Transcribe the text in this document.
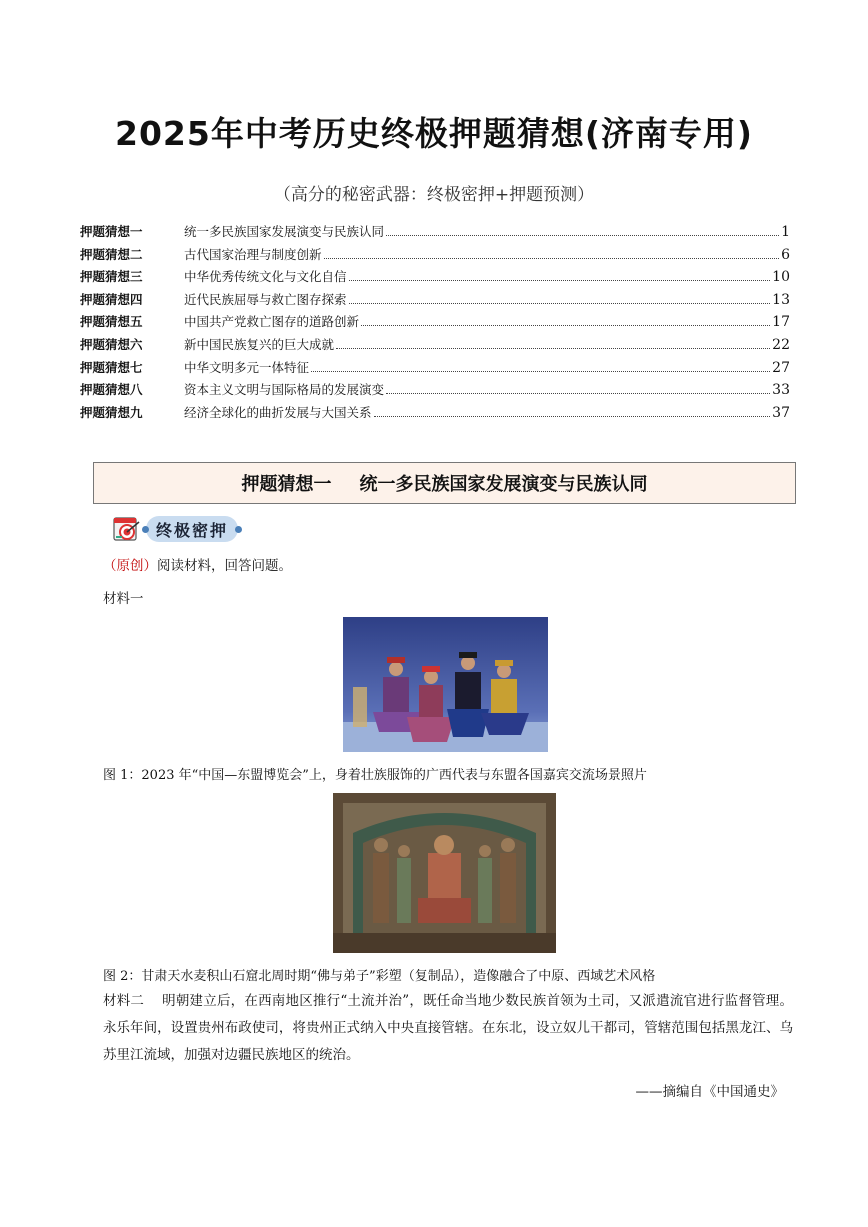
2025年中考历史终极押题猜想(济南专用)
（高分的秘密武器：终极密押+押题预测）
押题猜想一	统一多民族国家发展演变与民族认同	1
押题猜想二	古代国家治理与制度创新	6
押题猜想三	中华优秀传统文化与文化自信	10
押题猜想四	近代民族屈辱与救亡图存探索	13
押题猜想五	中国共产党救亡图存的道路创新	17
押题猜想六	新中国民族复兴的巨大成就	22
押题猜想七	中华文明多元一体特征	27
押题猜想八	资本主义文明与国际格局的发展演变	33
押题猜想九	经济全球化的曲折发展与大国关系	37
押题猜想一 统一多民族国家发展演变与民族认同
终极密押
（原创）阅读材料，回答问题。
材料一
图 1：2023 年“中国—东盟博览会”上，身着壮族服饰的广西代表与东盟各国嘉宾交流场景照片
图 2：甘肃天水麦积山石窟北周时期“佛与弟子”彩塑（复制品），造像融合了中原、西域艺术风格
材料二 明朝建立后，在西南地区推行“土流并治”，既任命当地少数民族首领为土司，又派遣流官进行监督管理。永乐年间，设置贵州布政使司，将贵州正式纳入中央直接管辖。在东北，设立奴儿干都司，管辖范围包括黑龙江、乌苏里江流域，加强对边疆民族地区的统治。
——摘编自《中国通史》
